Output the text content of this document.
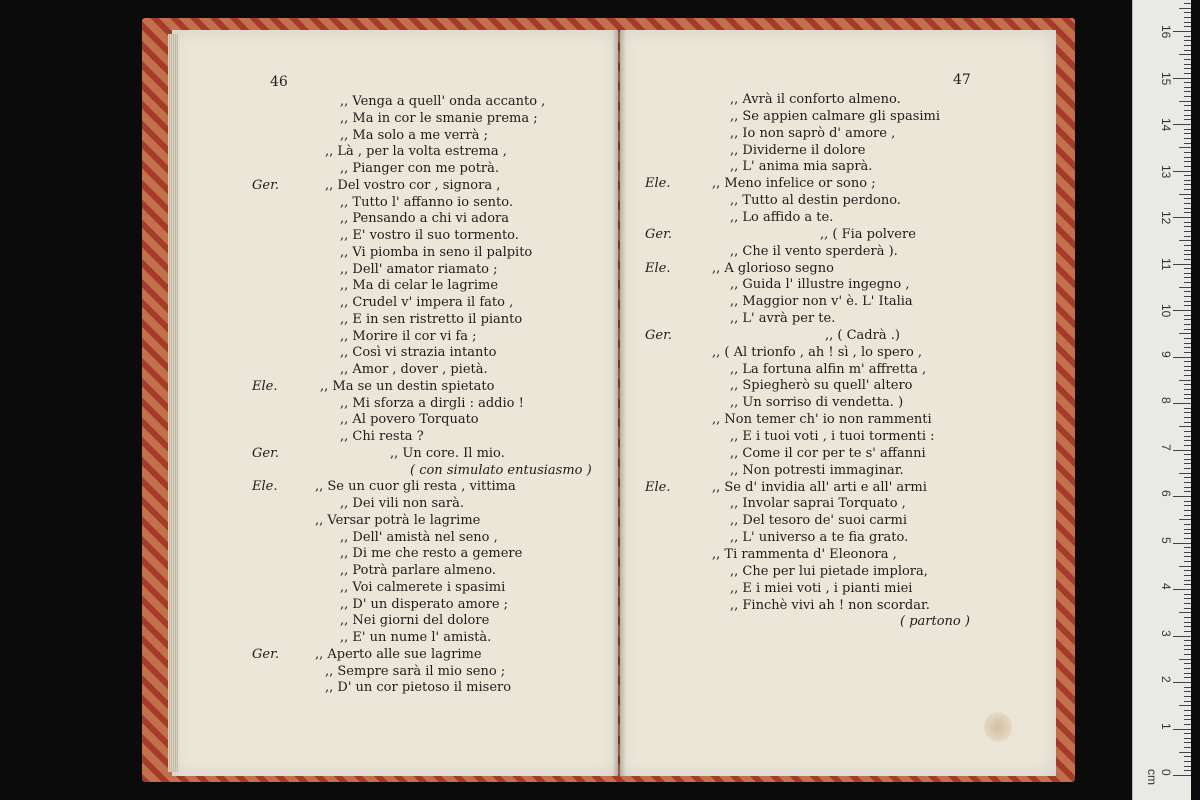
46	47
,, Venga a quell' onda accanto ,
,, Ma in cor le smanie prema ;
,, Ma solo a me verrà ;
,, Là , per la volta estrema ,
,, Pianger con me potrà.
,, Del vostro cor , signora ,
Ger.
,, Tutto l' affanno io sento.
,, Pensando a chi vi adora
,, E' vostro il suo tormento.
,, Vi piomba in seno il palpito
,, Dell' amator riamato ;
,, Ma di celar le lagrime
,, Crudel v' impera il fato ,
,, E in sen ristretto il pianto
,, Morire il cor vi fa ;
,, Così vi strazia intanto
,, Amor , dover , pietà.
,, Ma se un destin spietato
Ele.
,, Mi sforza a dirgli : addio !
,, Al povero Torquato
,, Chi resta ?
,, Un core. Il mio.
Ger.
( con simulato entusiasmo )
,, Se un cuor gli resta , vittima
Ele.
,, Dei vili non sarà.
,, Versar potrà le lagrime
,, Dell' amistà nel seno ,
,, Di me che resto a gemere
,, Potrà parlare almeno.
,, Voi calmerete i spasimi
,, D' un disperato amore ;
,, Nei giorni del dolore
,, E' un nume l' amistà.
,, Aperto alle sue lagrime
Ger.
,, Sempre sarà il mio seno ;
,, D' un cor pietoso il misero
,, Avrà il conforto almeno.
,, Se appien calmare gli spasimi
,, Io non saprò d' amore ,
,, Dividerne il dolore
,, L' anima mia saprà.
,, Meno infelice or sono ;
Ele.
,, Tutto al destin perdono.
,, Lo affido a te.
,, ( Fia polvere
Ger.
,, Che il vento sperderà ).
,, A glorioso segno
Ele.
,, Guida l' illustre ingegno ,
,, Maggior non v' è. L' Italia
,, L' avrà per te.
,, ( Cadrà .)
Ger.
,, ( Al trionfo , ah ! sì , lo spero ,
,, La fortuna alfin m' affretta ,
,, Spiegherò su quell' altero
,, Un sorriso di vendetta. )
,, Non temer ch' io non rammenti
,, E i tuoi voti , i tuoi tormenti :
,, Come il cor per te s' affanni
,, Non potresti immaginar.
,, Se d' invidia all' arti e all' armi
Ele.
,, Involar saprai Torquato ,
,, Del tesoro de' suoi carmi
,, L' universo a te fia grato.
,, Ti rammenta d' Eleonora ,
,, Che per lui pietade implora,
,, E i miei voti , i pianti miei
,, Finchè vivi ah ! non scordar.
( partono )
0 cm
1
2
3
4
5
6
7
8
9
10
11
12
13
14
15
16
